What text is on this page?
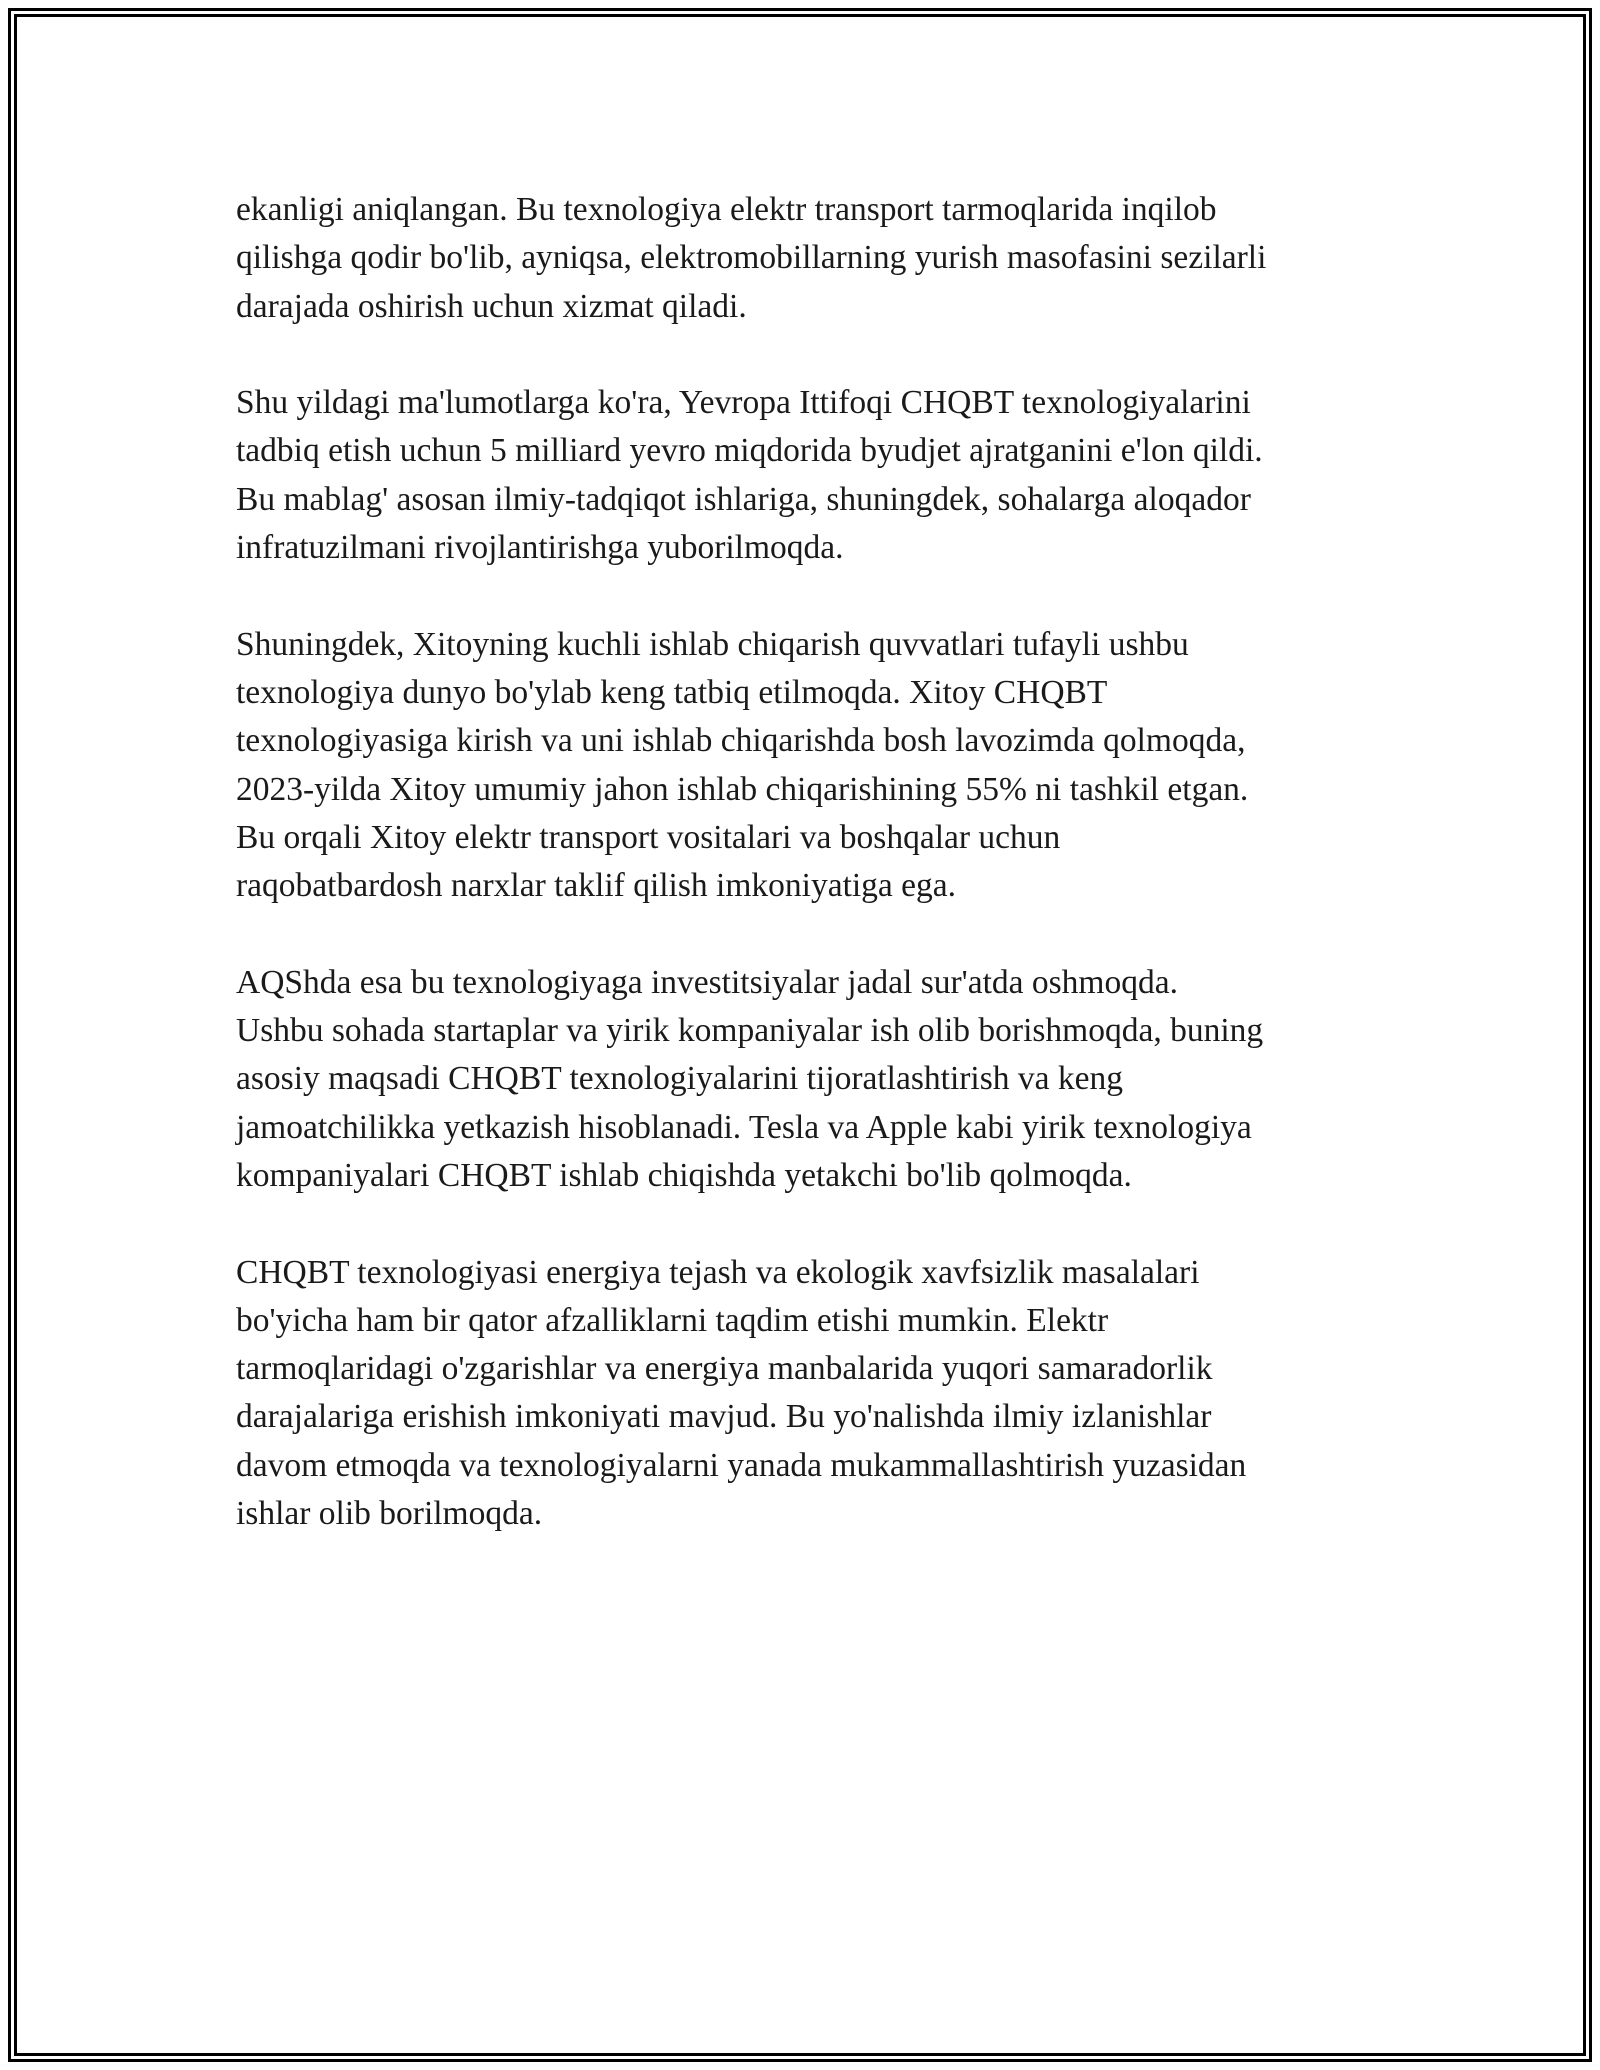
ekanligi aniqlangan. Bu texnologiya elektr transport tarmoqlarida inqilob
qilishga qodir bo'lib, ayniqsa, elektromobillarning yurish masofasini sezilarli
darajada oshirish uchun xizmat qiladi.

Shu yildagi ma'lumotlarga ko'ra, Yevropa Ittifoqi CHQBT texnologiyalarini
tadbiq etish uchun 5 milliard yevro miqdorida byudjet ajratganini e'lon qildi.
Bu mablag' asosan ilmiy-tadqiqot ishlariga, shuningdek, sohalarga aloqador
infratuzilmani rivojlantirishga yuborilmoqda.

Shuningdek, Xitoyning kuchli ishlab chiqarish quvvatlari tufayli ushbu
texnologiya dunyo bo'ylab keng tatbiq etilmoqda. Xitoy CHQBT
texnologiyasiga kirish va uni ishlab chiqarishda bosh lavozimda qolmoqda,
2023-yilda Xitoy umumiy jahon ishlab chiqarishining 55% ni tashkil etgan.
Bu orqali Xitoy elektr transport vositalari va boshqalar uchun
raqobatbardosh narxlar taklif qilish imkoniyatiga ega.

AQShda esa bu texnologiyaga investitsiyalar jadal sur'atda oshmoqda.
Ushbu sohada startaplar va yirik kompaniyalar ish olib borishmoqda, buning
asosiy maqsadi CHQBT texnologiyalarini tijoratlashtirish va keng
jamoatchilikka yetkazish hisoblanadi. Tesla va Apple kabi yirik texnologiya
kompaniyalari CHQBT ishlab chiqishda yetakchi bo'lib qolmoqda.

CHQBT texnologiyasi energiya tejash va ekologik xavfsizlik masalalari
bo'yicha ham bir qator afzalliklarni taqdim etishi mumkin. Elektr
tarmoqlaridagi o'zgarishlar va energiya manbalarida yuqori samaradorlik
darajalariga erishish imkoniyati mavjud. Bu yo'nalishda ilmiy izlanishlar
davom etmoqda va texnologiyalarni yanada mukammallashtirish yuzasidan
ishlar olib borilmoqda.
